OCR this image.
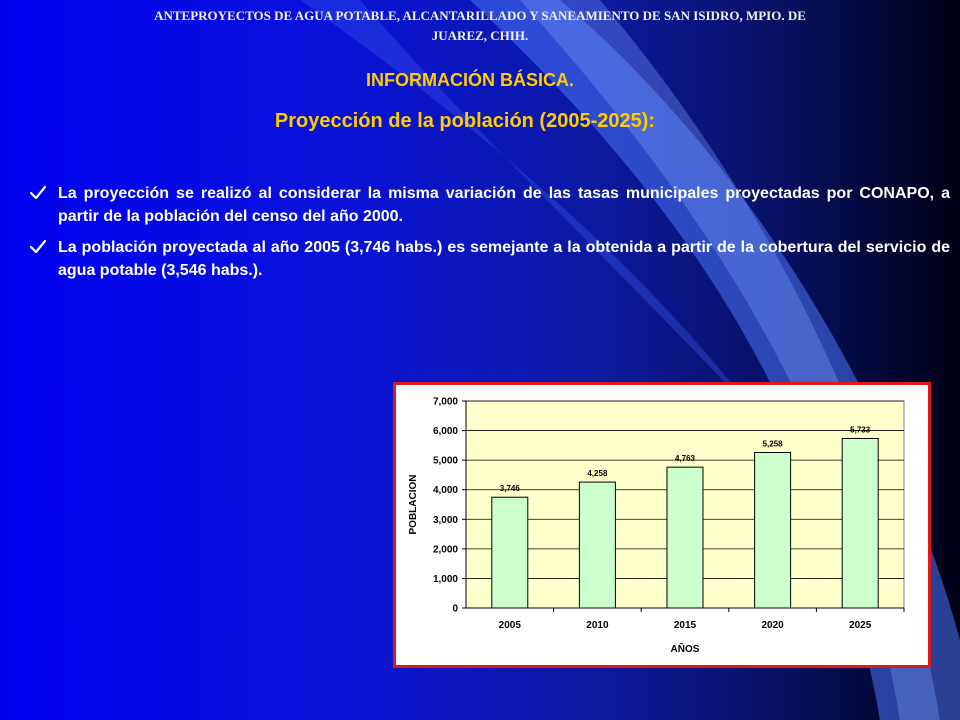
ANTEPROYECTOS DE AGUA POTABLE, ALCANTARILLADO Y SANEAMIENTO DE SAN ISIDRO, MPIO. DE
JUAREZ, CHIH.
INFORMACIÓN BÁSICA.
Proyección de la población (2005-2025):
La proyección se realizó al considerar la misma variación de las tasas municipales proyectadas por CONAPO, a partir de la población del censo del año 2000.
La población proyectada al año 2005 (3,746 habs.) es semejante a la obtenida a partir de la cobertura del servicio de agua potable (3,546 habs.).
0
1,000
2,000
3,000
4,000
5,000
6,000
7,000
3,746
2005
4,258
2010
4,763
2015
5,258
2020
5,733
2025
AÑOS
POBLACION
